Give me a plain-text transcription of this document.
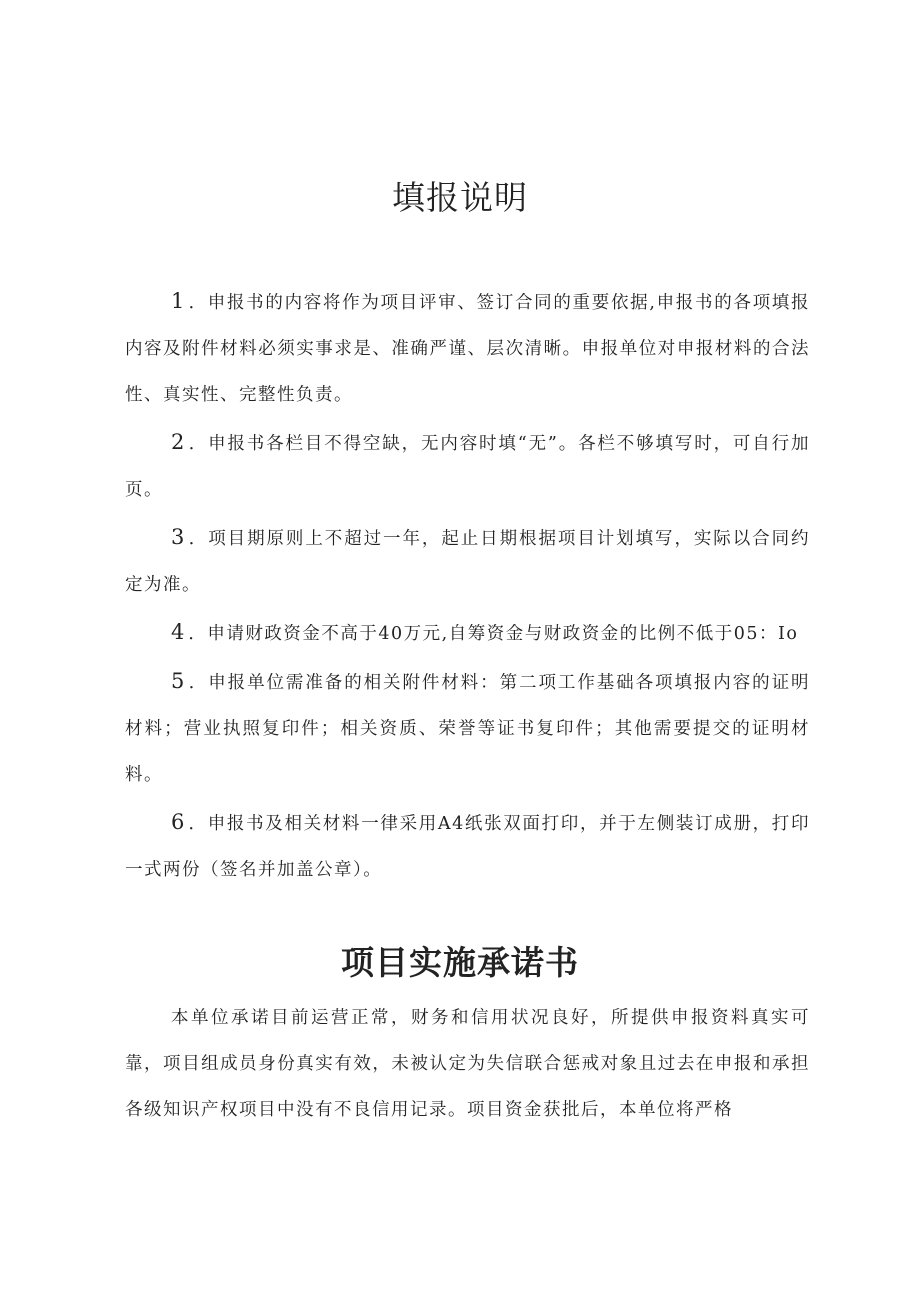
填报说明

1．申报书的内容将作为项目评审、签订合同的重要依据,申报书的各项填报内容及附件材料必须实事求是、准确严谨、层次清晰。申报单位对申报材料的合法性、真实性、完整性负责。

2．申报书各栏目不得空缺，无内容时填“无”。各栏不够填写时，可自行加页。

3．项目期原则上不超过一年，起止日期根据项目计划填写，实际以合同约定为准。

4．申请财政资金不高于40万元,自筹资金与财政资金的比例不低于05：Io

5．申报单位需准备的相关附件材料：第二项工作基础各项填报内容的证明材料；营业执照复印件；相关资质、荣誉等证书复印件；其他需要提交的证明材料。

6．申报书及相关材料一律采用A4纸张双面打印，并于左侧装订成册，打印一式两份（签名并加盖公章）。

项目实施承诺书

本单位承诺目前运营正常，财务和信用状况良好，所提供申报资料真实可靠，项目组成员身份真实有效，未被认定为失信联合惩戒对象且过去在申报和承担各级知识产权项目中没有不良信用记录。项目资金获批后，本单位将严格
